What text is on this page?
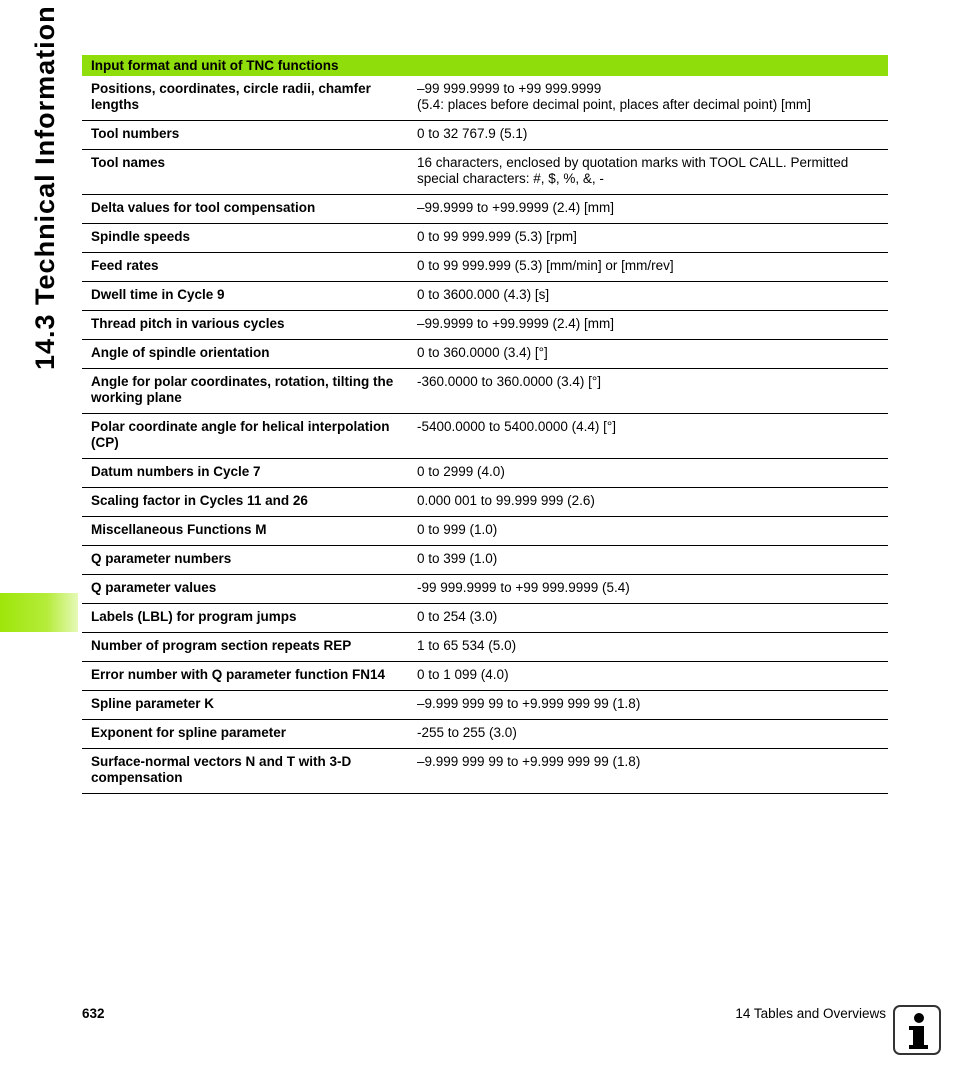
14.3 Technical Information Input format and unit of TNC functions	
Positions, coordinates, circle radii, chamfer lengths	–99 999.9999 to +99 999.9999
(5.4: places before decimal point, places after decimal point) [mm]
Tool numbers	0 to 32 767.9 (5.1)
Tool names	16 characters, enclosed by quotation marks with TOOL CALL. Permitted special characters: #, $, %, &, -
Delta values for tool compensation	–99.9999 to +99.9999 (2.4) [mm]
Spindle speeds	0 to 99 999.999 (5.3) [rpm]
Feed rates	0 to 99 999.999 (5.3) [mm/min] or [mm/rev]
Dwell time in Cycle 9	0 to 3600.000 (4.3) [s]
Thread pitch in various cycles	–99.9999 to +99.9999 (2.4) [mm]
Angle of spindle orientation	0 to 360.0000 (3.4) [°]
Angle for polar coordinates, rotation, tilting the working plane	-360.0000 to 360.0000 (3.4) [°]
Polar coordinate angle for helical interpolation (CP)	-5400.0000 to 5400.0000 (4.4) [°]
Datum numbers in Cycle 7	0 to 2999 (4.0)
Scaling factor in Cycles 11 and 26	0.000 001 to 99.999 999 (2.6)
Miscellaneous Functions M	0 to 999 (1.0)
Q parameter numbers	0 to 399 (1.0)
Q parameter values	-99 999.9999 to +99 999.9999 (5.4)
Labels (LBL) for program jumps	0 to 254 (3.0)
Number of program section repeats REP	1 to 65 534 (5.0)
Error number with Q parameter function FN14	0 to 1 099 (4.0)
Spline parameter K	–9.999 999 99 to +9.999 999 99 (1.8)
Exponent for spline parameter	-255 to 255 (3.0)
Surface-normal vectors N and T with 3-D compensation	–9.999 999 99 to +9.999 999 99 (1.8)
632	14 Tables and Overviews
